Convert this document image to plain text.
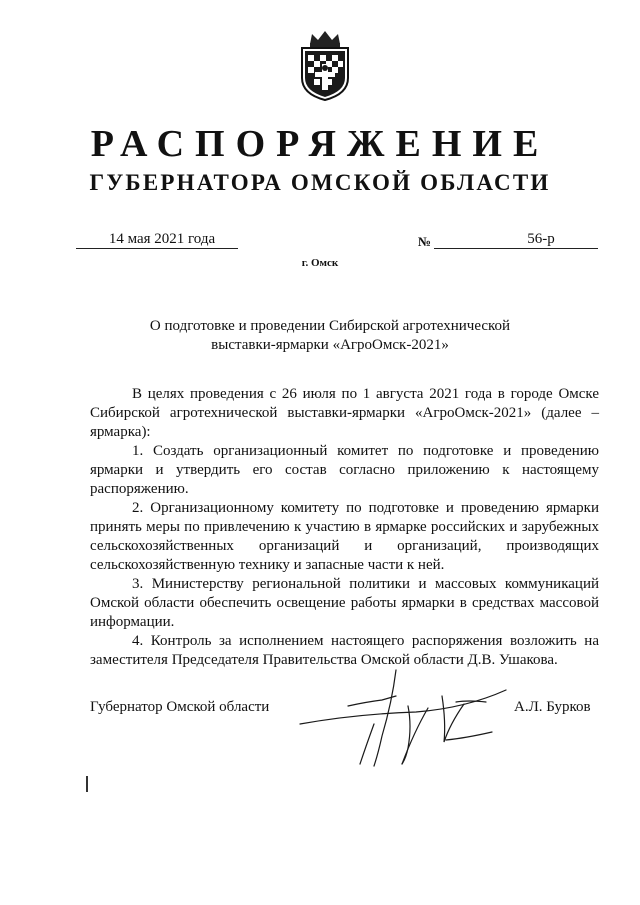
РАСПОРЯЖЕНИЕ
ГУБЕРНАТОРА ОМСКОЙ ОБЛАСТИ
14 мая 2021 года	№	56-р
г. Омск
О подготовке и проведении Сибирской агротехнической
выставки-ярмарки «АгроОмск-2021»

В целях проведения с 26 июля по 1 августа 2021 года в городе Омске Сибирской агротехнической выставки-ярмарки «АгроОмск-2021» (далее – ярмарка):

1. Создать организационный комитет по подготовке и проведению ярмарки и утвердить его состав согласно приложению к настоящему распоряжению.

2. Организационному комитету по подготовке и проведению ярмарки принять меры по привлечению к участию в ярмарке российских и зарубежных сельскохозяйственных организаций и организаций, производящих сельскохозяйственную технику и запасные части к ней.

3. Министерству региональной политики и массовых коммуникаций Омской области обеспечить освещение работы ярмарки в средствах массовой информации.

4. Контроль за исполнением настоящего распоряжения возложить на заместителя Председателя Правительства Омской области Д.В. Ушакова.

Губернатор Омской области	А.Л. Бурков
